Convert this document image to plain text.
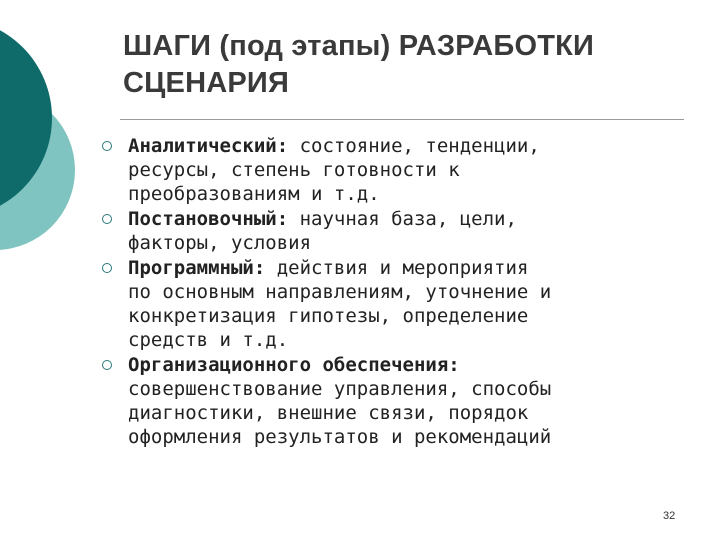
ШАГИ (под этапы) РАЗРАБОТКИ
СЦЕНАРИЯ
Аналитический: состояние, тенденции,
ресурсы, степень готовности к
преобразованиям и т.д.
Постановочный: научная база, цели,
факторы, условия
Программный: действия и мероприятия
по основным направлениям, уточнение и
конкретизация гипотезы, определение
средств и т.д.
Организационного обеспечения:
совершенствование управления, способы
диагностики, внешние связи, порядок
оформления результатов и рекомендаций
32
